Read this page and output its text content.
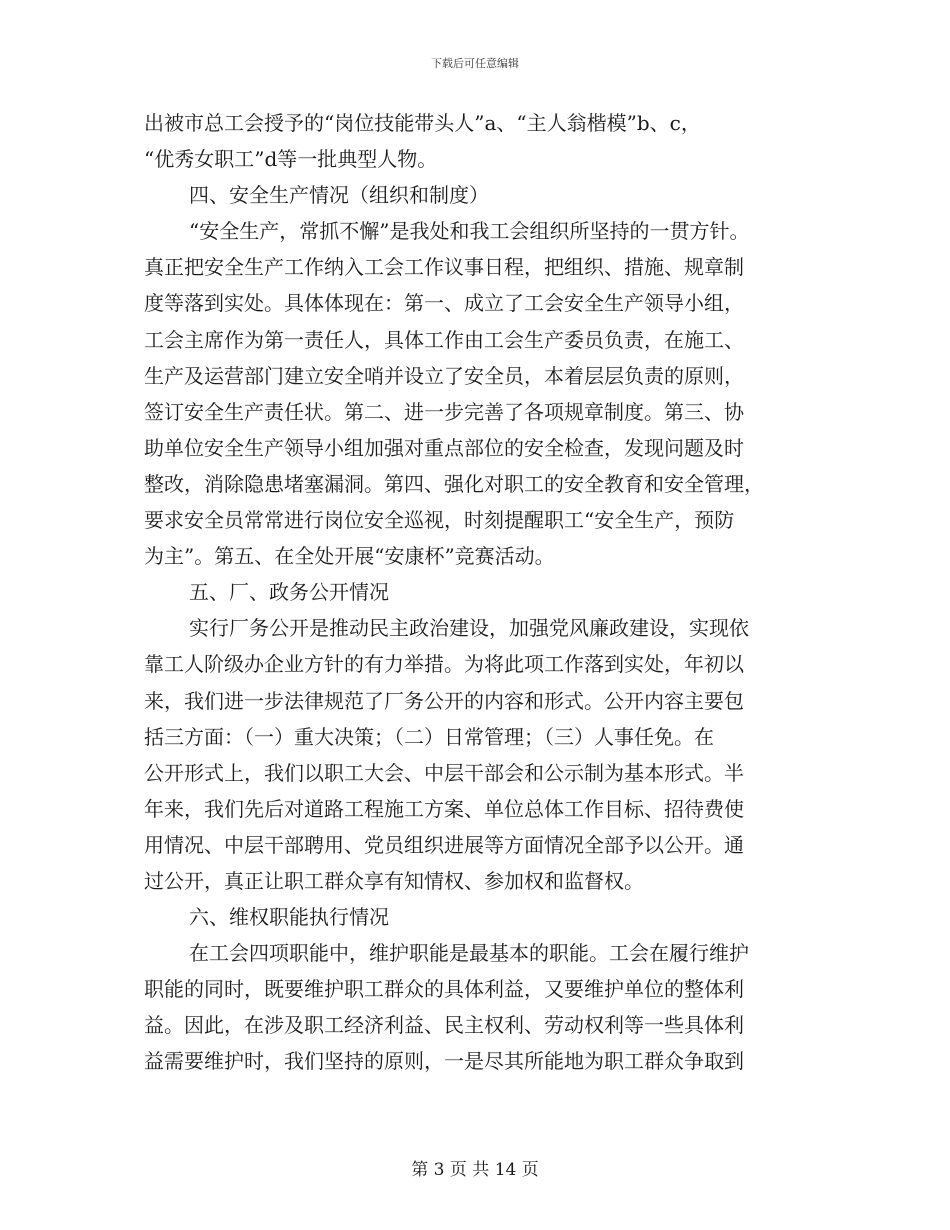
下载后可任意编辑
出被市总工会授予的“岗位技能带头人”a、“主人翁楷模”b、c，
“优秀女职工”d等一批典型人物。
四、安全生产情况（组织和制度）
“安全生产，常抓不懈”是我处和我工会组织所坚持的一贯方针。
真正把安全生产工作纳入工会工作议事日程，把组织、措施、规章制
度等落到实处。具体体现在：第一、成立了工会安全生产领导小组，
工会主席作为第一责任人，具体工作由工会生产委员负责，在施工、
生产及运营部门建立安全哨并设立了安全员，本着层层负责的原则，
签订安全生产责任状。第二、进一步完善了各项规章制度。第三、协
助单位安全生产领导小组加强对重点部位的安全检查，发现问题及时
整改，消除隐患堵塞漏洞。第四、强化对职工的安全教育和安全管理，
要求安全员常常进行岗位安全巡视，时刻提醒职工“安全生产，预防
为主”。第五、在全处开展“安康杯”竞赛活动。
五、厂、政务公开情况
实行厂务公开是推动民主政治建设，加强党风廉政建设，实现依
靠工人阶级办企业方针的有力举措。为将此项工作落到实处，年初以
来，我们进一步法律规范了厂务公开的内容和形式。公开内容主要包
括三方面：（一）重大决策；（二）日常管理；（三）人事任免。在
公开形式上，我们以职工大会、中层干部会和公示制为基本形式。半
年来，我们先后对道路工程施工方案、单位总体工作目标、招待费使
用情况、中层干部聘用、党员组织进展等方面情况全部予以公开。通
过公开，真正让职工群众享有知情权、参加权和监督权。
六、维权职能执行情况
在工会四项职能中，维护职能是最基本的职能。工会在履行维护
职能的同时，既要维护职工群众的具体利益，又要维护单位的整体利
益。因此，在涉及职工经济利益、民主权利、劳动权利等一些具体利
益需要维护时，我们坚持的原则，一是尽其所能地为职工群众争取到
第 3 页 共 14 页
